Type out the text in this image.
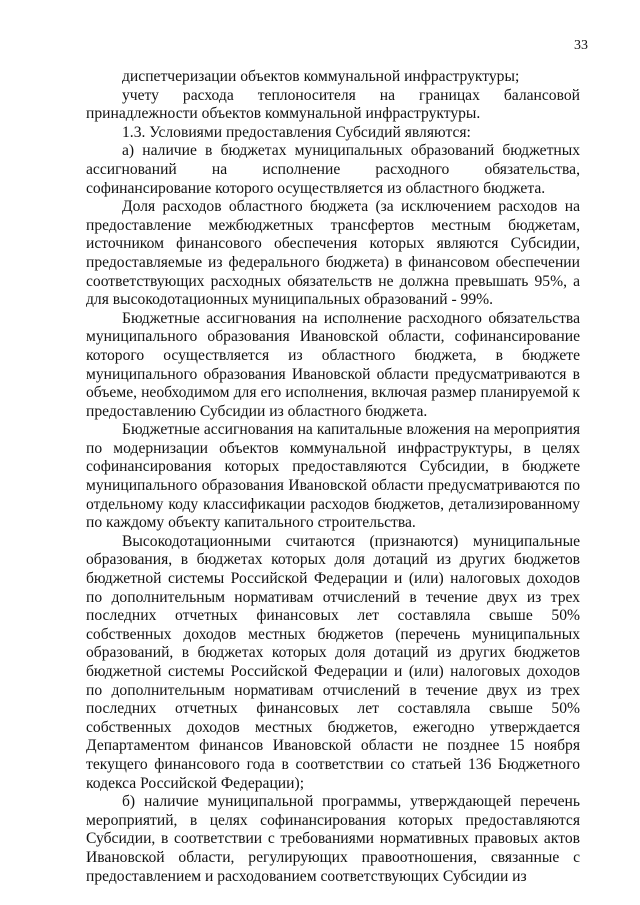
33

диспетчеризации объектов коммунальной инфраструктуры;

учету расхода теплоносителя на границах балансовой принадлежности объектов коммунальной инфраструктуры.

1.3. Условиями предоставления Субсидий являются:

а) наличие в бюджетах муниципальных образований бюджетных ассигнований на исполнение расходного обязательства, софинансирование которого осуществляется из областного бюджета.

Доля расходов областного бюджета (за исключением расходов на предоставление межбюджетных трансфертов местным бюджетам, источником финансового обеспечения которых являются Субсидии, предоставляемые из федерального бюджета) в финансовом обеспечении соответствующих расходных обязательств не должна превышать 95%, а для высокодотационных муниципальных образований - 99%.

Бюджетные ассигнования на исполнение расходного обязательства муниципального образования Ивановской области, софинансирование которого осуществляется из областного бюджета, в бюджете муниципального образования Ивановской области предусматриваются в объеме, необходимом для его исполнения, включая размер планируемой к предоставлению Субсидии из областного бюджета.

Бюджетные ассигнования на капитальные вложения на мероприятия по модернизации объектов коммунальной инфраструктуры, в целях софинансирования которых предоставляются Субсидии, в бюджете муниципального образования Ивановской области предусматриваются по отдельному коду классификации расходов бюджетов, детализированному по каждому объекту капитального строительства.

Высокодотационными считаются (признаются) муниципальные образования, в бюджетах которых доля дотаций из других бюджетов бюджетной системы Российской Федерации и (или) налоговых доходов по дополнительным нормативам отчислений в течение двух из трех последних отчетных финансовых лет составляла свыше 50% собственных доходов местных бюджетов (перечень муниципальных образований, в бюджетах которых доля дотаций из других бюджетов бюджетной системы Российской Федерации и (или) налоговых доходов по дополнительным нормативам отчислений в течение двух из трех последних отчетных финансовых лет составляла свыше 50% собственных доходов местных бюджетов, ежегодно утверждается Департаментом финансов Ивановской области не позднее 15 ноября текущего финансового года в соответствии со статьей 136 Бюджетного кодекса Российской Федерации);

б) наличие муниципальной программы, утверждающей перечень мероприятий, в целях софинансирования которых предоставляются Субсидии, в соответствии с требованиями нормативных правовых актов Ивановской области, регулирующих правоотношения, связанные с предоставлением и расходованием соответствующих Субсидии из
